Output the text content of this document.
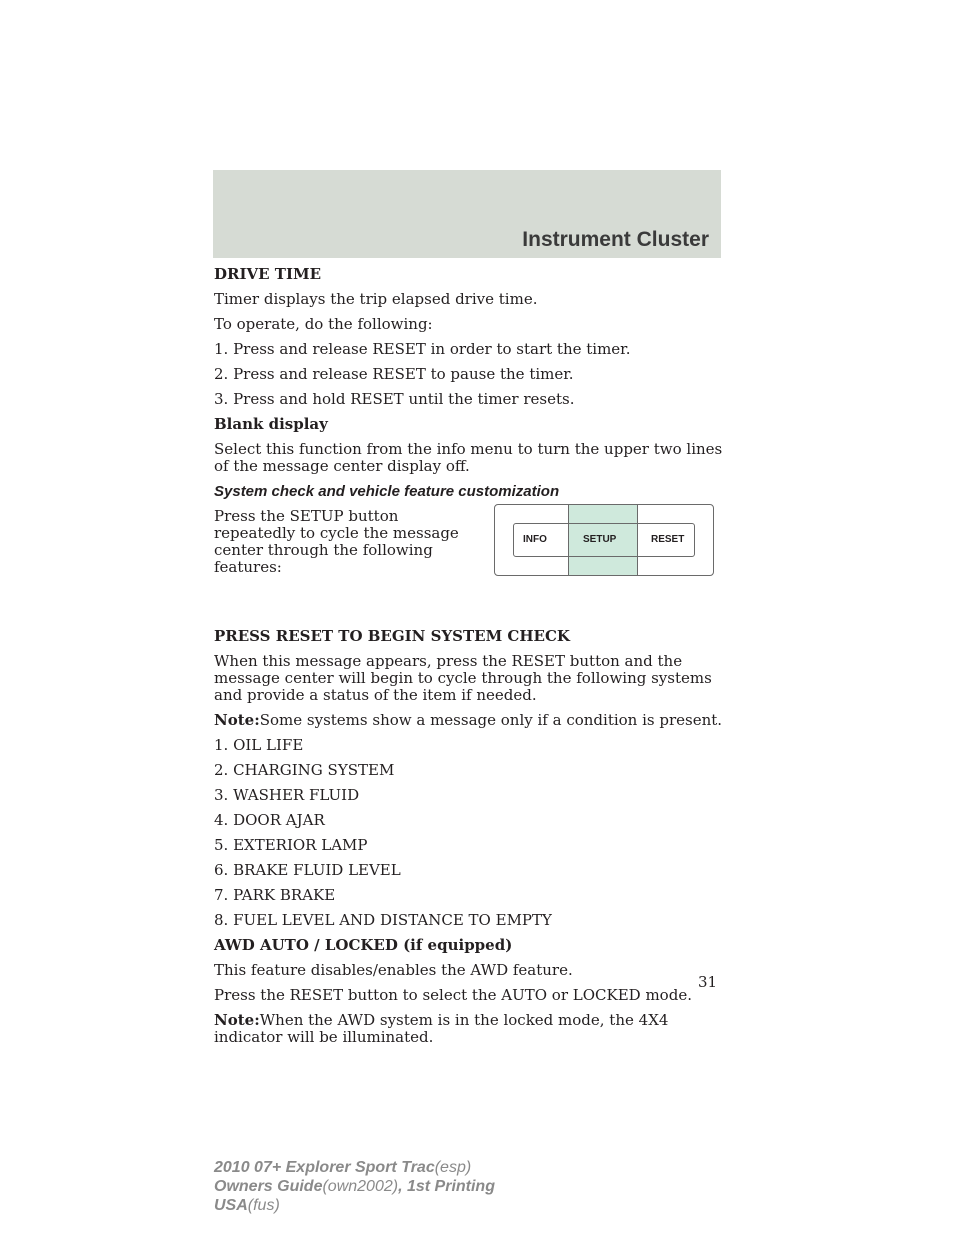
Instrument Cluster
DRIVE TIME
Timer displays the trip elapsed drive time.
To operate, do the following:
1. Press and release RESET in order to start the timer.
2. Press and release RESET to pause the timer.
3. Press and hold RESET until the timer resets.
Blank display
Select this function from the info menu to turn the upper two lines of the message center display off.
System check and vehicle feature customization
Press the SETUP button repeatedly to cycle the message center through the following features:
INFO	SETUP	RESET
PRESS RESET TO BEGIN SYSTEM CHECK
When this message appears, press the RESET button and the message center will begin to cycle through the following systems and provide a status of the item if needed.
Note:Some systems show a message only if a condition is present.
1. OIL LIFE
2. CHARGING SYSTEM
3. WASHER FLUID
4. DOOR AJAR
5. EXTERIOR LAMP
6. BRAKE FLUID LEVEL
7. PARK BRAKE
8. FUEL LEVEL AND DISTANCE TO EMPTY
AWD AUTO / LOCKED (if equipped)
This feature disables/enables the AWD feature.
Press the RESET button to select the AUTO or LOCKED mode.
Note:When the AWD system is in the locked mode, the 4X4 indicator will be illuminated.
31
2010 07+ Explorer Sport Trac(esp)
Owners Guide(own2002), 1st Printing
USA(fus)
